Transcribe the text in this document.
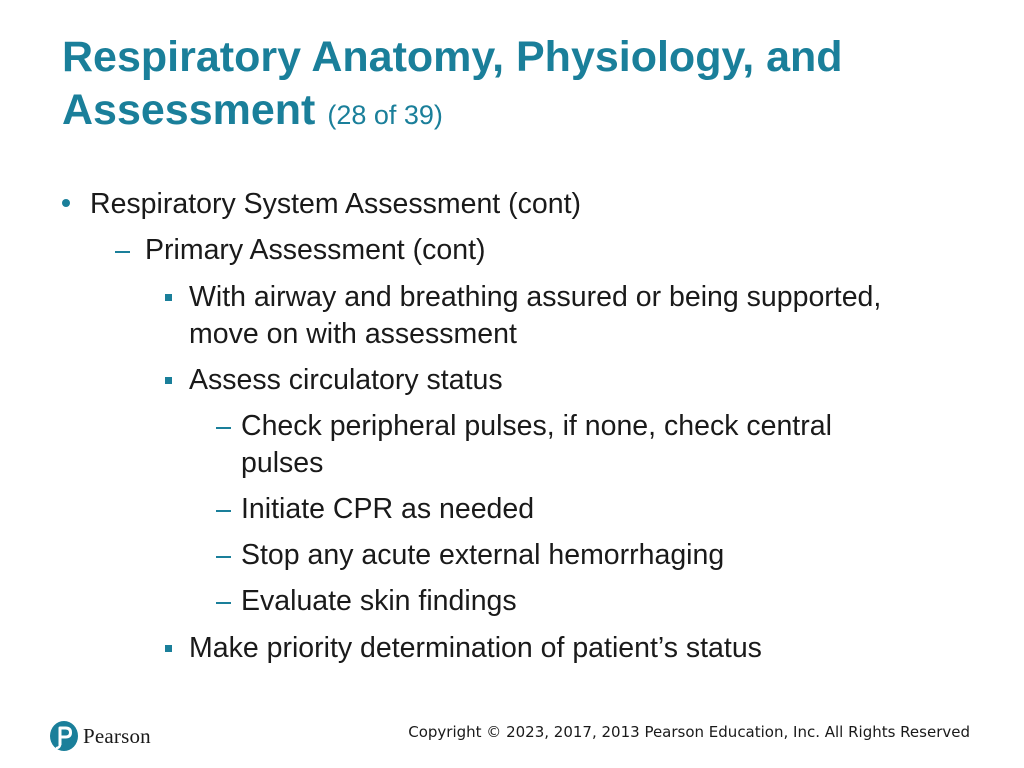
Respiratory Anatomy, Physiology, and Assessment (28 of 39)
Respiratory System Assessment (cont)
Primary Assessment (cont)
With airway and breathing assured or being supported,
move on with assessment
Assess circulatory status
Check peripheral pulses, if none, check central
pulses
Initiate CPR as needed
Stop any acute external hemorrhaging
Evaluate skin findings
Make priority determination of patient’s status
Pearson	Copyright © 2023, 2017, 2013 Pearson Education, Inc. All Rights Reserved
